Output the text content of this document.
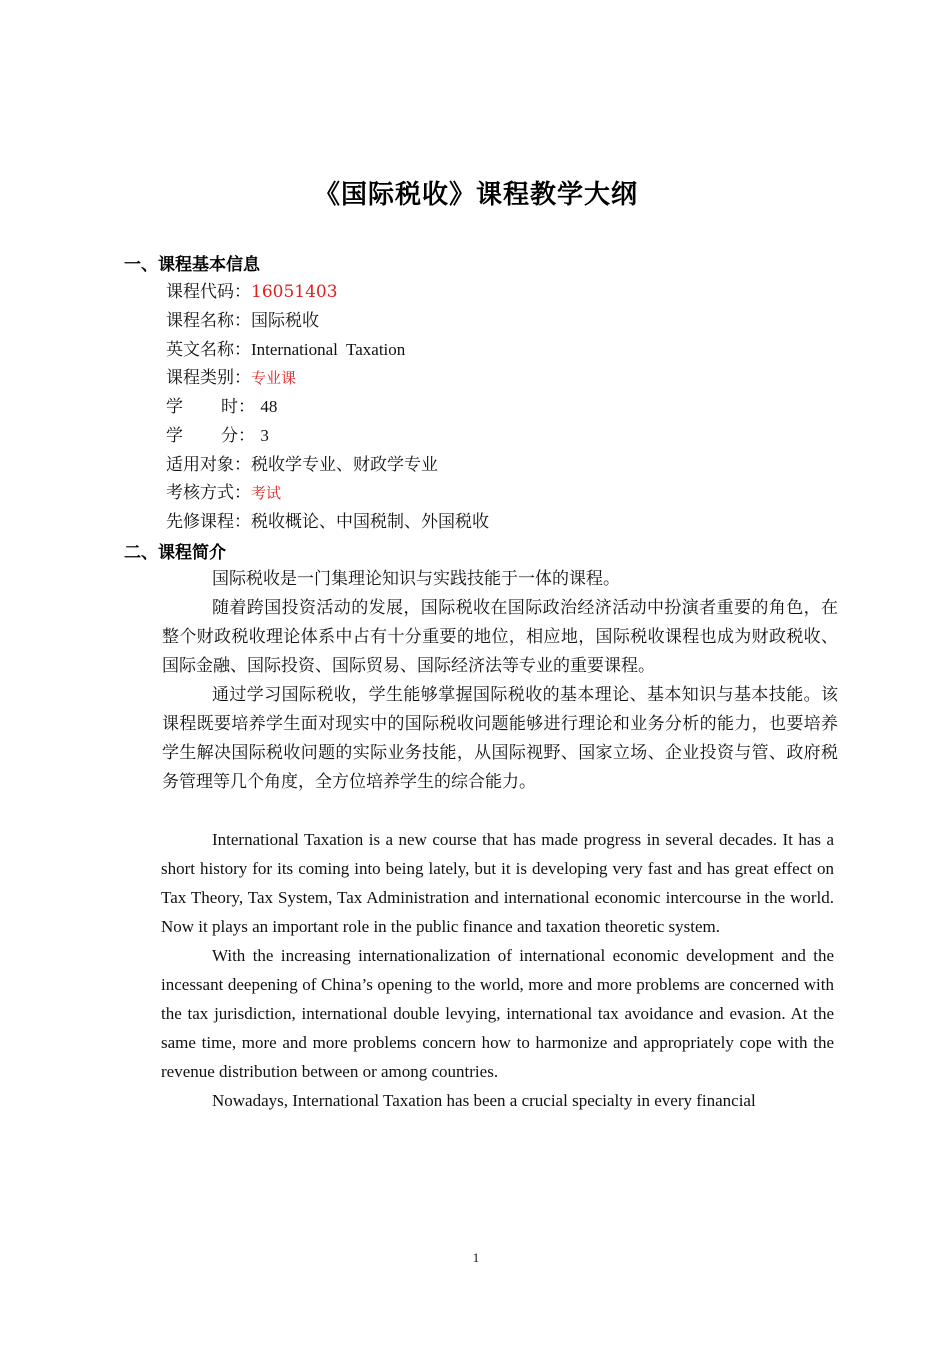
《国际税收》课程教学大纲
一、课程基本信息
课程代码：16051403
课程名称：国际税收
英文名称：International  Taxation
课程类别：专业课
学 时： 48
学 分： 3
适用对象：税收学专业、财政学专业
考核方式：考试
先修课程：税收概论、中国税制、外国税收
二、课程简介

国际税收是一门集理论知识与实践技能于一体的课程。

随着跨国投资活动的发展，国际税收在国际政治经济活动中扮演者重要的角色，在整个财政税收理论体系中占有十分重要的地位，相应地，国际税收课程也成为财政税收、国际金融、国际投资、国际贸易、国际经济法等专业的重要课程。

通过学习国际税收，学生能够掌握国际税收的基本理论、基本知识与基本技能。该课程既要培养学生面对现实中的国际税收问题能够进行理论和业务分析的能力，也要培养学生解决国际税收问题的实际业务技能，从国际视野、国家立场、企业投资与管、政府税务管理等几个角度，全方位培养学生的综合能力。

International Taxation is a new course that has made progress in several decades. It has a short history for its coming into being lately, but it is developing very fast and has great effect on Tax Theory, Tax System, Tax Administration and international economic intercourse in the world. Now it plays an important role in the public finance and taxation theoretic system.

With the increasing internationalization of international economic development and the incessant deepening of China’s opening to the world, more and more problems are concerned with the tax jurisdiction, international double levying, international tax avoidance and evasion. At the same time, more and more problems concern how to harmonize and appropriately cope with the revenue distribution between or among countries.

Nowadays, International Taxation has been a crucial specialty in every financial

1
